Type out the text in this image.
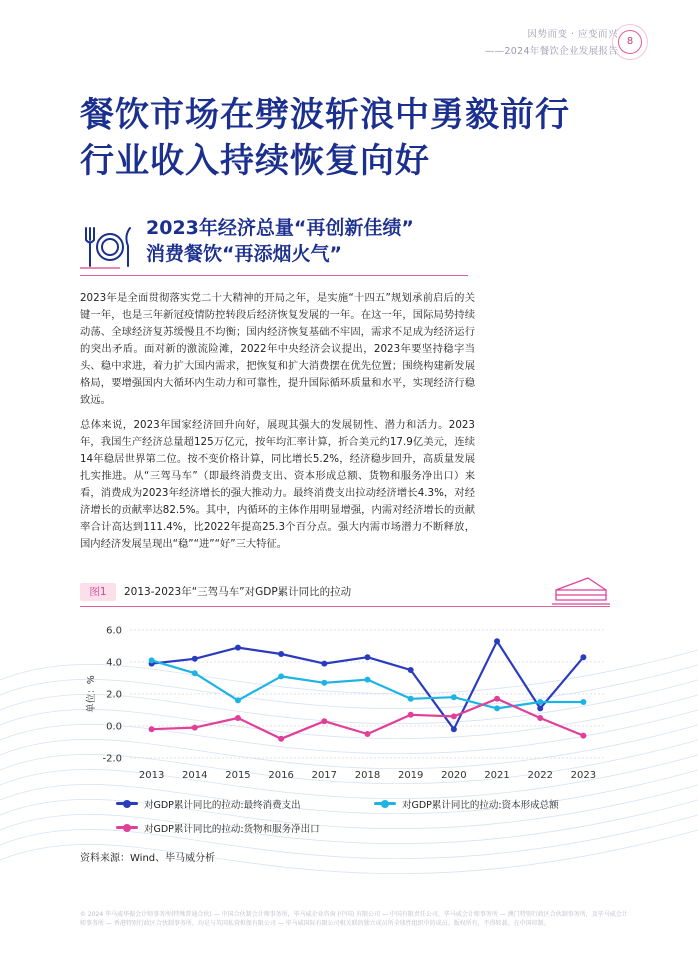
因势而变 · 应变而兴
——2024年餐饮企业发展报告
8
餐饮市场在劈波斩浪中勇毅前行
行业收入持续恢复向好
2023年经济总量“再创新佳绩”
消费餐饮“再添烟火气”

2023年是全面贯彻落实党二十大精神的开局之年，是实施“十四五”规划承前启后的关键一年，也是三年新冠疫情防控转段后经济恢复发展的一年。在这一年，国际局势持续动荡、全球经济复苏缓慢且不均衡；国内经济恢复基础不牢固，需求不足成为经济运行的突出矛盾。面对新的激流险滩，2022年中央经济会议提出，2023年要坚持稳字当头、稳中求进，着力扩大国内需求，把恢复和扩大消费摆在优先位置；围绕构建新发展格局，要增强国内大循环内生动力和可靠性，提升国际循环质量和水平，实现经济行稳致远。

总体来说，2023年国家经济回升向好，展现其强大的发展韧性、潜力和活力。2023年，我国生产经济总量超125万亿元，按年均汇率计算，折合美元约17.9亿美元，连续14年稳居世界第二位。按不变价格计算，同比增长5.2%，经济稳步回升，高质量发展扎实推进。从“三驾马车”（即最终消费支出、资本形成总额、货物和服务净出口）来看，消费成为2023年经济增长的强大推动力。最终消费支出拉动经济增长4.3%，对经济增长的贡献率达82.5%。其中，内循环的主体作用明显增强，内需对经济增长的贡献率合计高达到111.4%，比2022年提高25.3个百分点。强大内需市场潜力不断释放，国内经济发展呈现出“稳”“进”“好”三大特征。

图1	2013-2023年“三驾马车”对GDP累计同比的拉动
6.0
4.0
2.0
0.0
-2.0
单位：%
2013 2014 2015 2016 2017 2018 2019 2020 2021 2022 2023
对GDP累计同比的拉动:最终消费支出	对GDP累计同比的拉动:资本形成总额
对GDP累计同比的拉动:货物和服务净出口
资料来源：Wind、毕马威分析
© 2024 毕马威华振会计师事务所(特殊普通合伙) — 中国合伙制会计师事务所，毕马威企业咨询 (中国) 有限公司 — 中国有限责任公司，毕马威会计师事务所 — 澳门特别行政区合伙制事务所，及毕马威会计师事务所 — 香港特别行政区合伙制事务所，均是与英国私营担保有限公司 — 毕马威国际有限公司相关联的独立成员所全球性组织中的成员。版权所有，不得转载。在中国印制。
